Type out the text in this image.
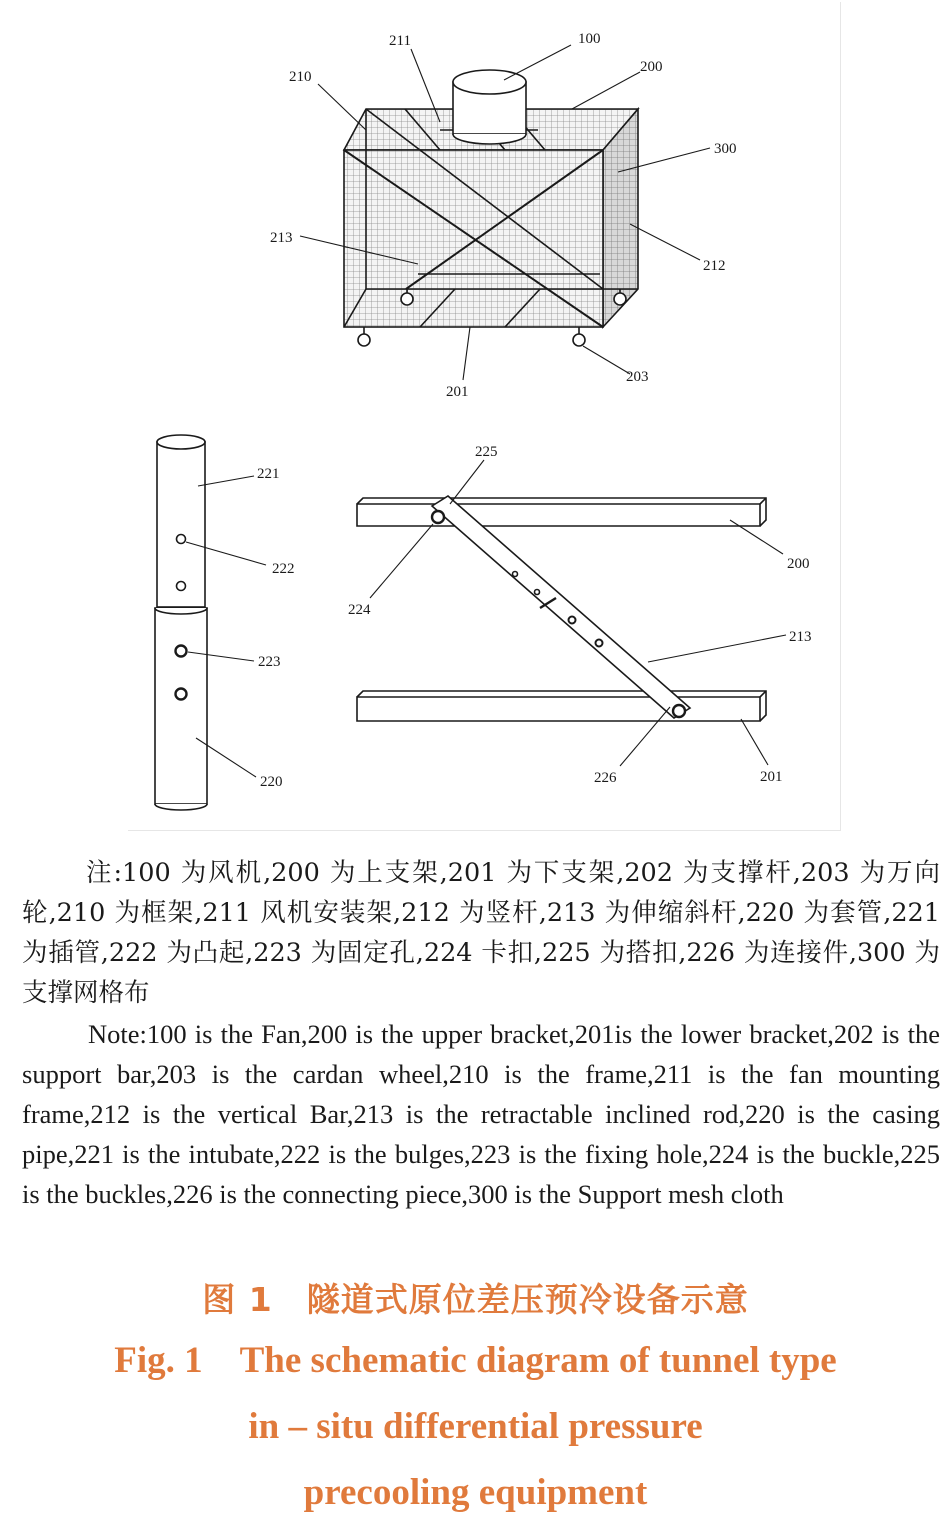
100
200
211
210
300
213
212
201
203
221
222
223
220
225
224
200
213
226	201
注:100 为风机,200 为上支架,201 为下支架,202 为支撑杆,203 为万向轮,210 为框架,211 风机安装架,212 为竖杆,213 为伸缩斜杆,220 为套管,221 为插管,222 为凸起,223 为固定孔,224 卡扣,225 为搭扣,226 为连接件,300 为支撑网格布
Note:100 is the Fan,200 is the upper bracket,201is the lower bracket,202 is the support bar,203 is the cardan wheel,210 is the frame,211 is the fan mounting frame,212 is the vertical Bar,213 is the retractable inclined rod,220 is the casing pipe,221 is the intubate,222 is the bulges,223 is the fixing hole,224 is the buckle,225 is the buckles,226 is the connecting piece,300 is the Support mesh cloth
图 1　隧道式原位差压预冷设备示意
Fig. 1　The schematic diagram of tunnel type
in – situ differential pressure
precooling equipment
